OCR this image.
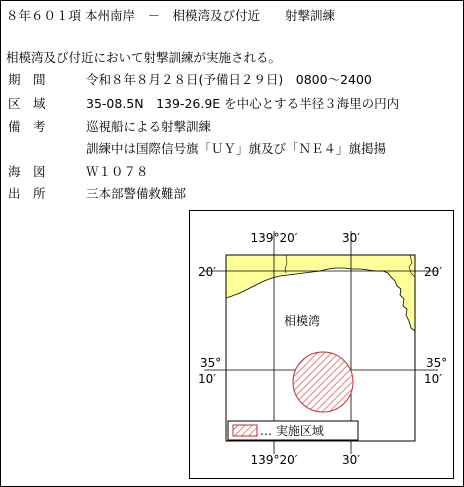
８年６０１項 本州南岸　－　相模湾及び付近　　射撃訓練
相模湾及び付近において射撃訓練が実施される。
期　間	令和８年８月２８日(予備日２９日)　0800～2400
区　域	35-08.5N　139-26.9E を中心とする半径３海里の円内
備　考	巡視船による射撃訓練
訓練中は国際信号旗「ＵＹ」旗及び「ＮＥ４」旗掲揚
海　図	Ｗ１０７８
出　所	三本部警備救難部
139°20′	30′
139°20′	30′
20′	20′
35°
10′
35°
10′
相模湾
… 実施区域
